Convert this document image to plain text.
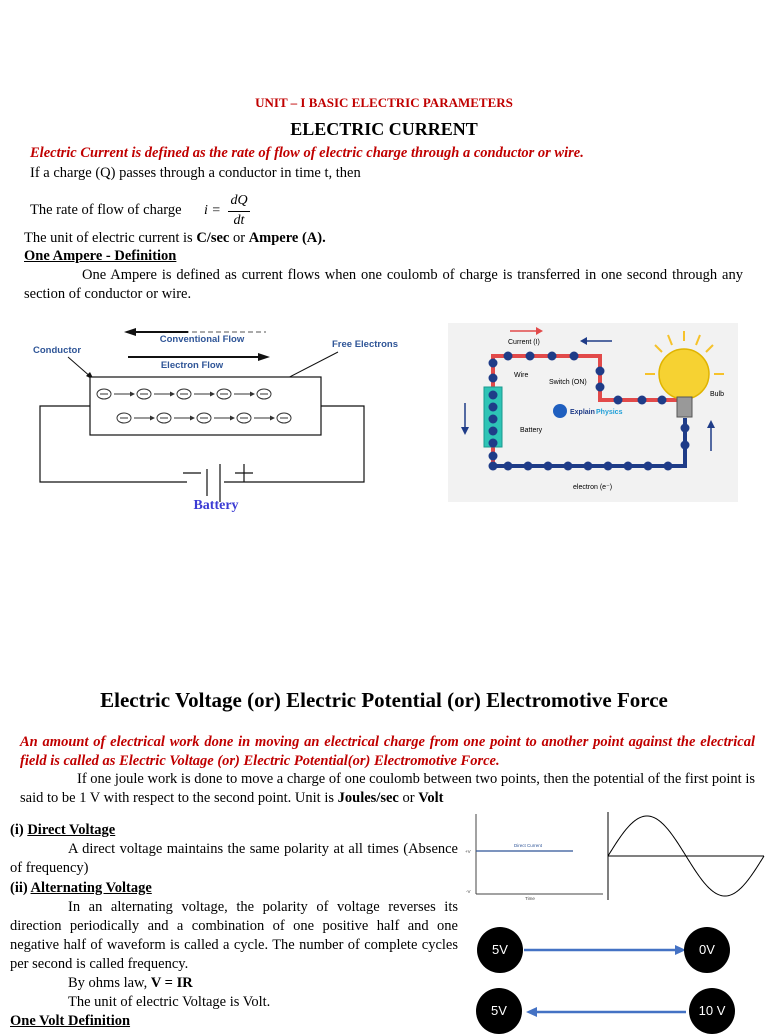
UNIT – I BASIC ELECTRIC PARAMETERS
ELECTRIC CURRENT
Electric Current is defined as the rate of flow of electric charge through a conductor or wire.
If a charge (Q) passes through a conductor in time t, then
The rate of flow of charge i =
dQ
dt
The unit of electric current is C/sec or Ampere (A).
One Ampere - Definition
One Ampere is defined as current flows when one coulomb of charge is transferred in one second through any section of conductor or wire.
Conventional Flow
Electron Flow
Conductor
Free Electrons
Battery
Current (I)
Wire
Switch (ON)
Bulb
Battery
Explain Physics
electron (e⁻)
Electric Voltage (or) Electric Potential (or) Electromotive Force
An amount of electrical work done in moving an electrical charge from one point to another point against the electrical field is called as Electric Voltage (or) Electric Potential(or) Electromotive Force.
If one joule work is done to move a charge of one coulomb between two points, then the potential of the first point is said to be 1 V with respect to the second point. Unit is Joules/sec or Volt
(i) Direct Voltage
A direct voltage maintains the same polarity at all times (Absence of frequency)
(ii) Alternating Voltage
In an alternating voltage, the polarity of voltage reverses its direction periodically and a combination of one positive half and one negative half of waveform is called a cycle. The number of complete cycles per second is called frequency.
By ohms law, V = IR
The unit of electric Voltage is Volt.
One Volt Definition
Direct Current
Time
+V
-V
5V	0V
5V	10 V
